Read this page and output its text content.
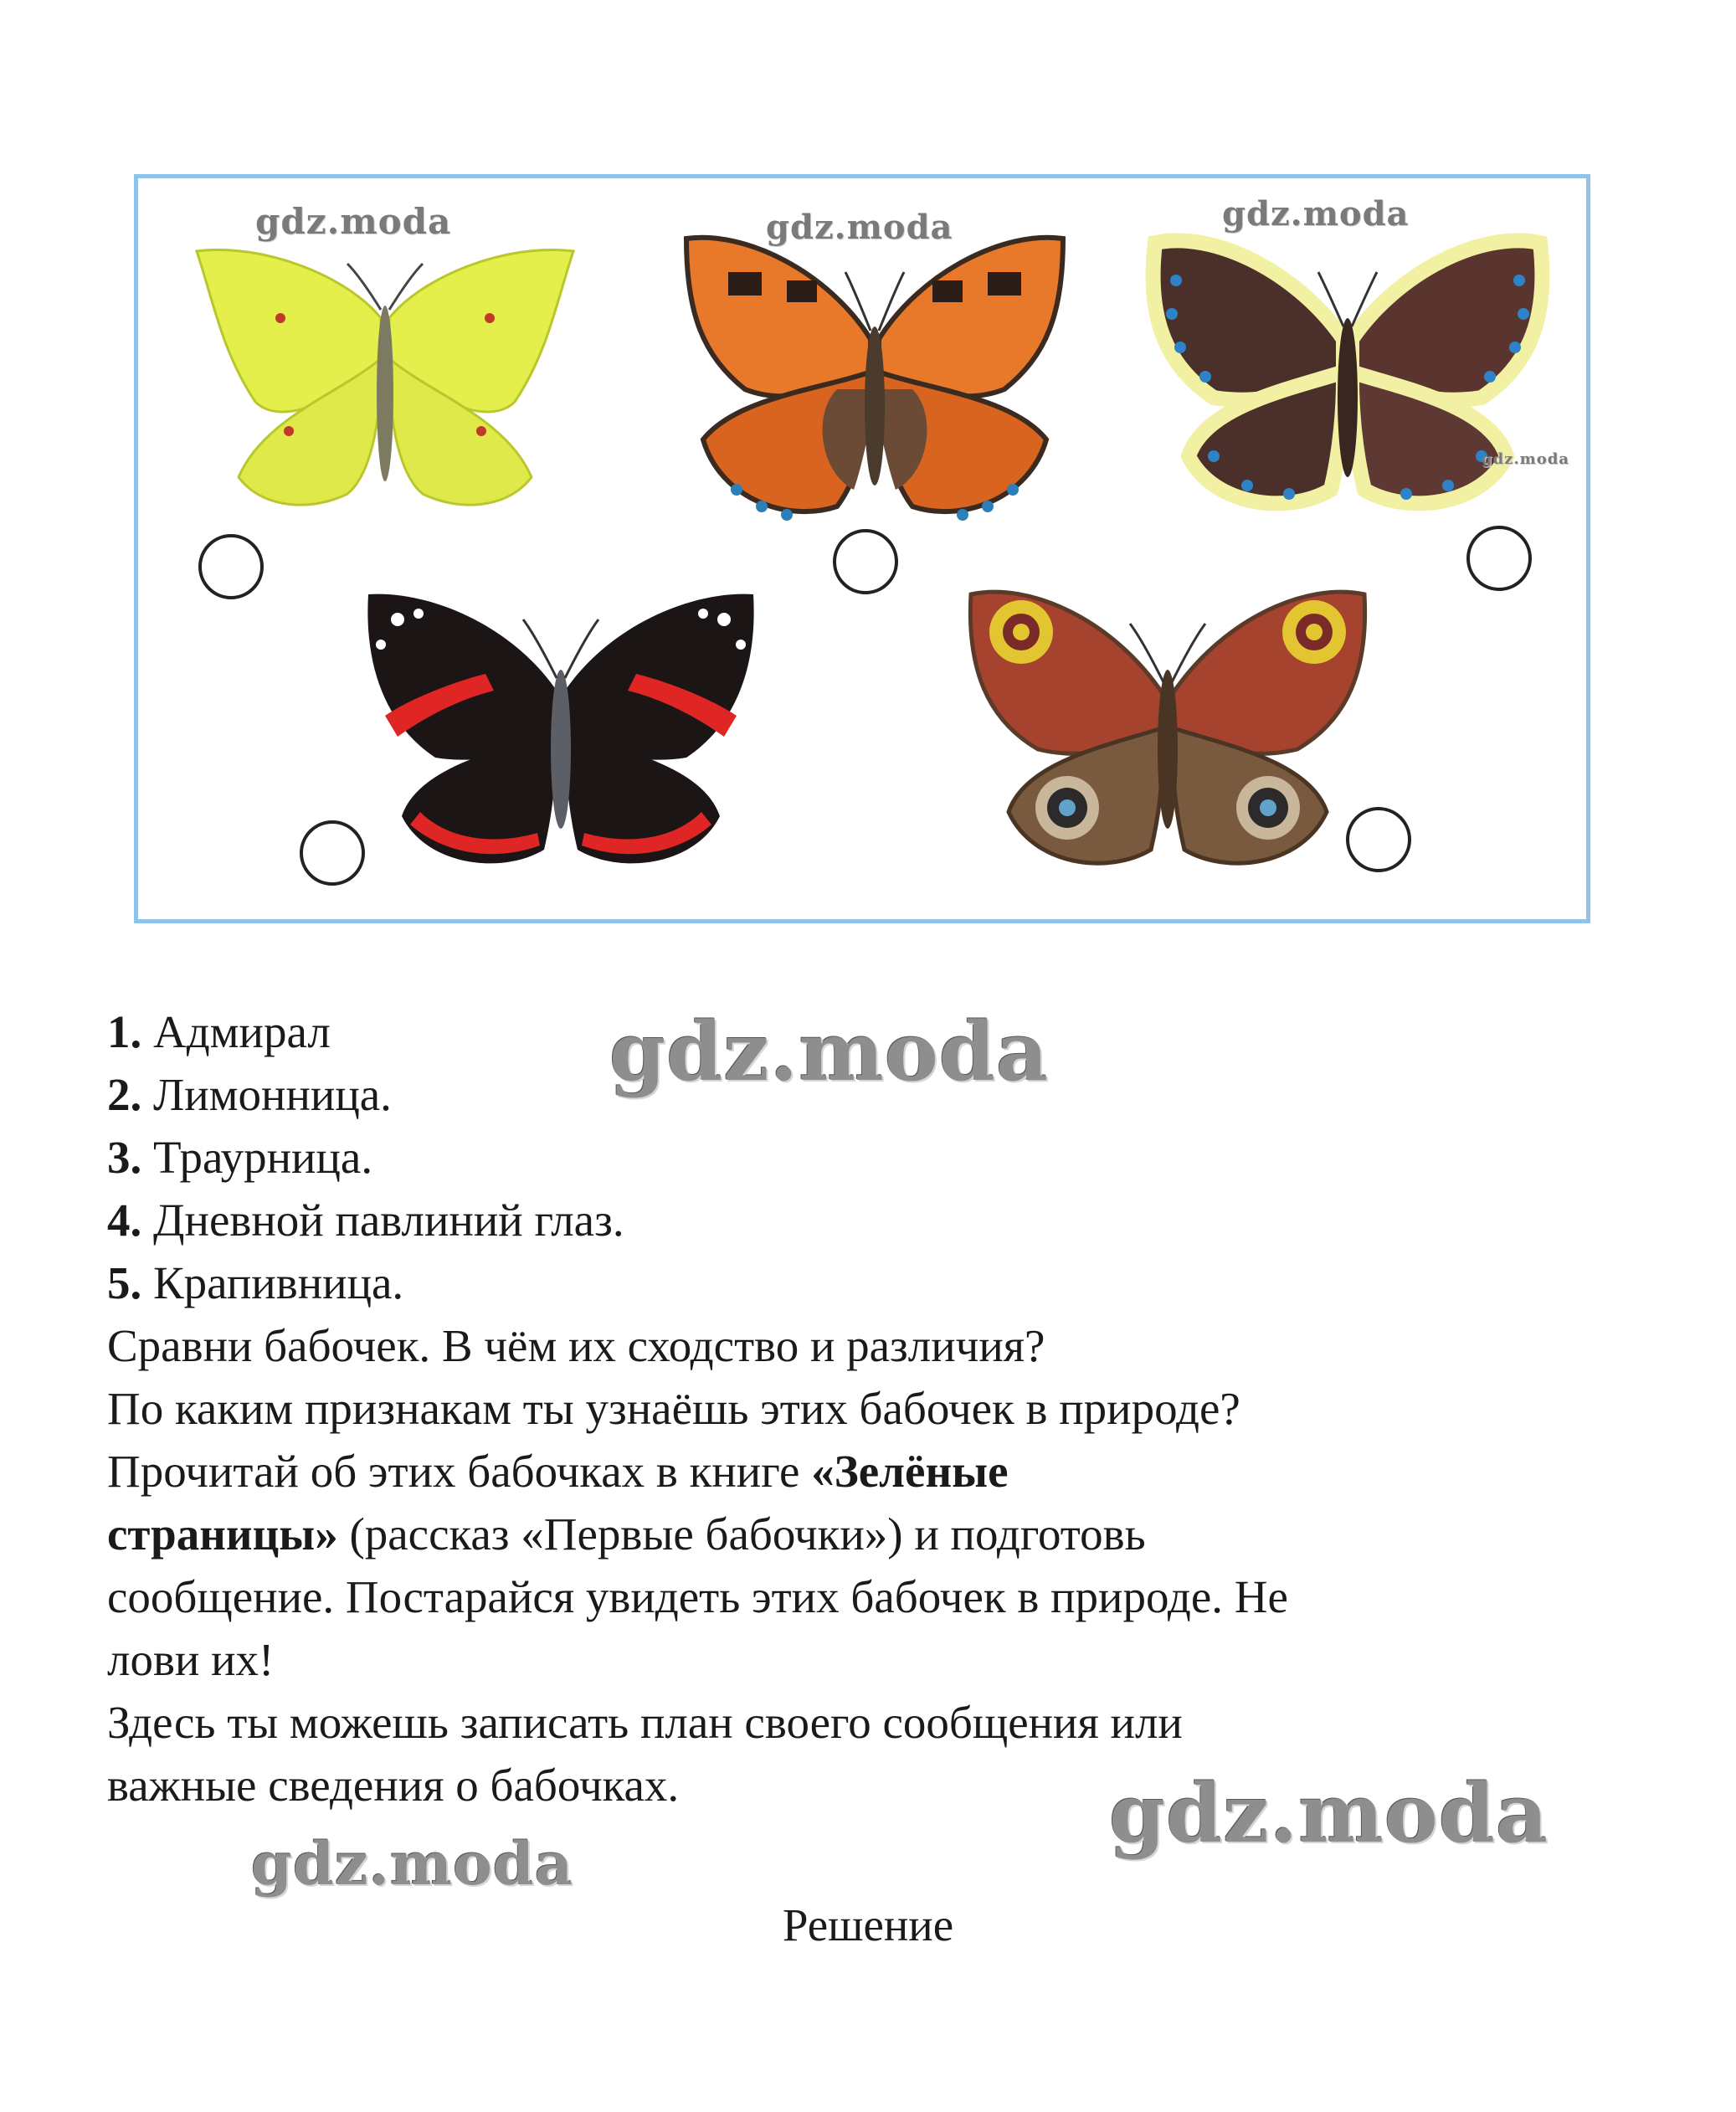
gdz.moda	gdz.moda	gdz.moda
gdz.moda
gdz.moda
gdz.moda
gdz.moda
1. Адмирал
2. Лимонница.
3. Траурница.
4. Дневной павлиний глаз.
5. Крапивница.
Сравни бабочек. В чём их сходство и различия?
По каким признакам ты узнаёшь этих бабочек в природе?
Прочитай об этих бабочках в книге «Зелёные
страницы» (рассказ «Первые бабочки») и подготовь
сообщение. Постарайся увидеть этих бабочек в природе. Не
лови их!
Здесь ты можешь записать план своего сообщения или
важные сведения о бабочках.
Решение
